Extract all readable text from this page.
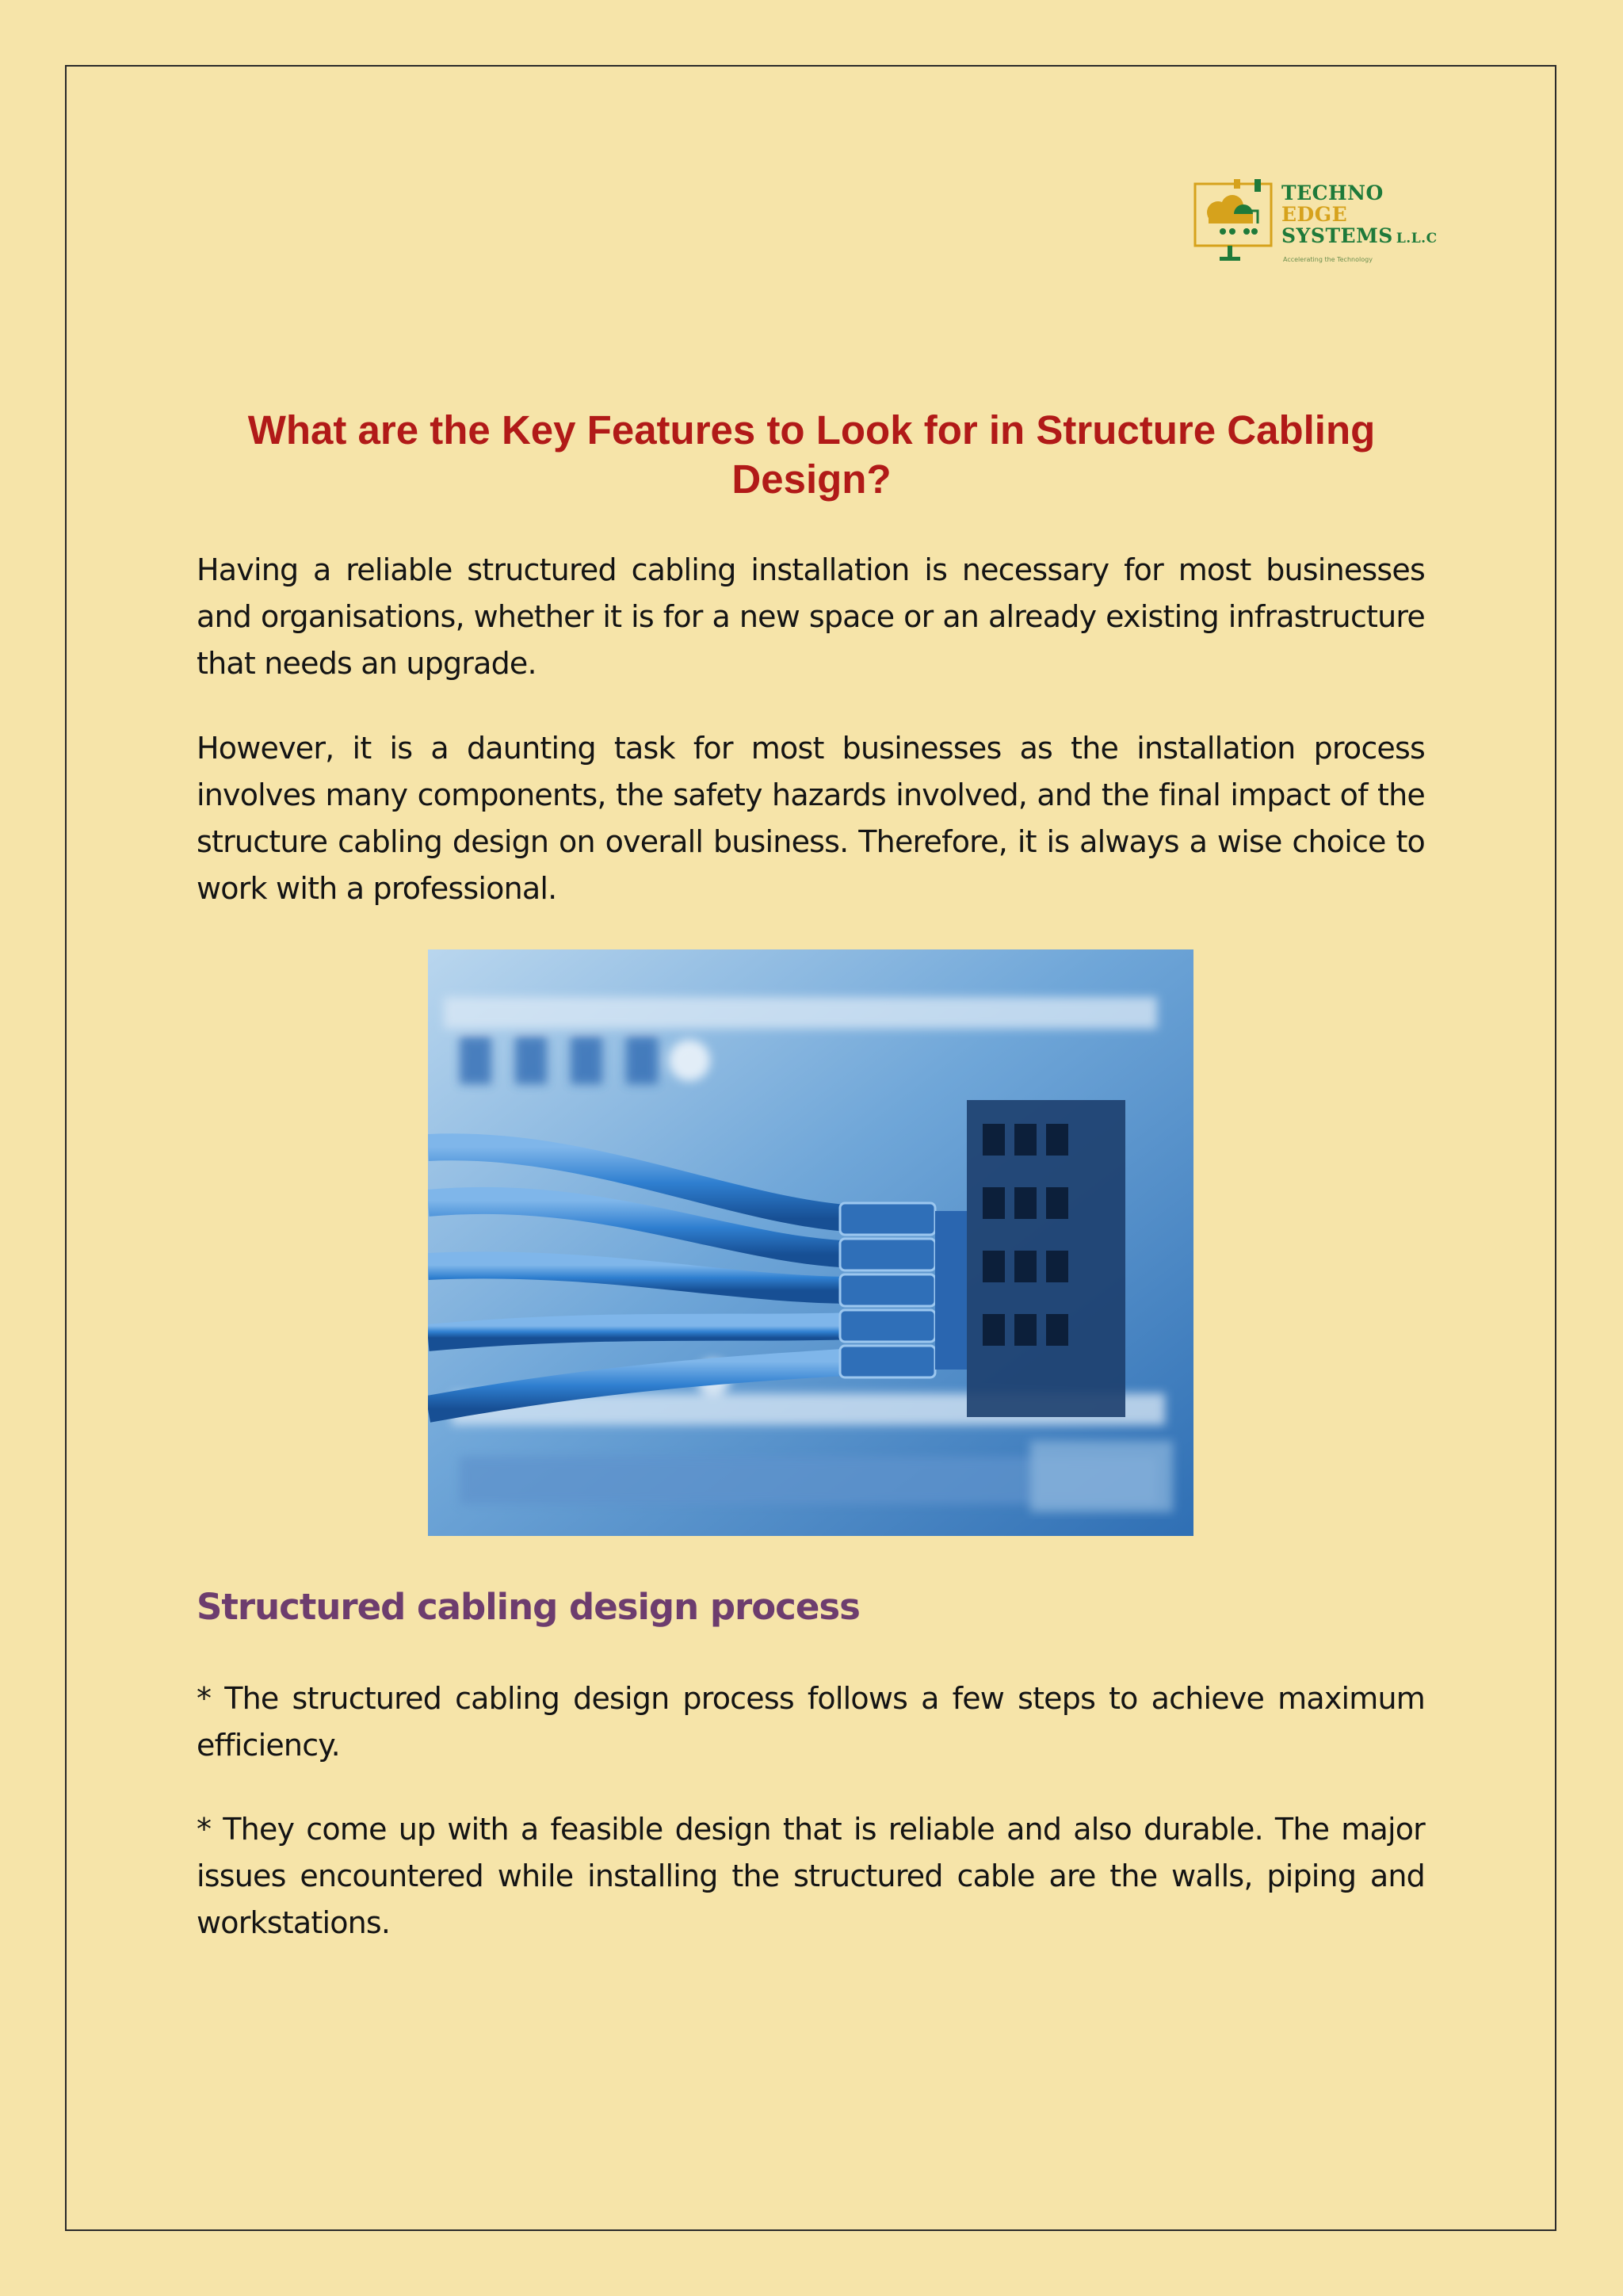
TECHNO
EDGE
SYSTEMS L.L.C
Accelerating the Technology
What are the Key Features to Look for in Structure Cabling Design?

Having a reliable structured cabling installation is necessary for most businesses and organisations, whether it is for a new space or an already existing infrastructure that needs an upgrade.

However, it is a daunting task for most businesses as the installation process involves many components, the safety hazards involved, and the final impact of the structure cabling design on overall business. Therefore, it is always a wise choice to work with a professional.

Structured cabling design process

* The structured cabling design process follows a few steps to achieve maximum efficiency.

* They come up with a feasible design that is reliable and also durable. The major issues encountered while installing the structured cable are the walls, piping and workstations.
